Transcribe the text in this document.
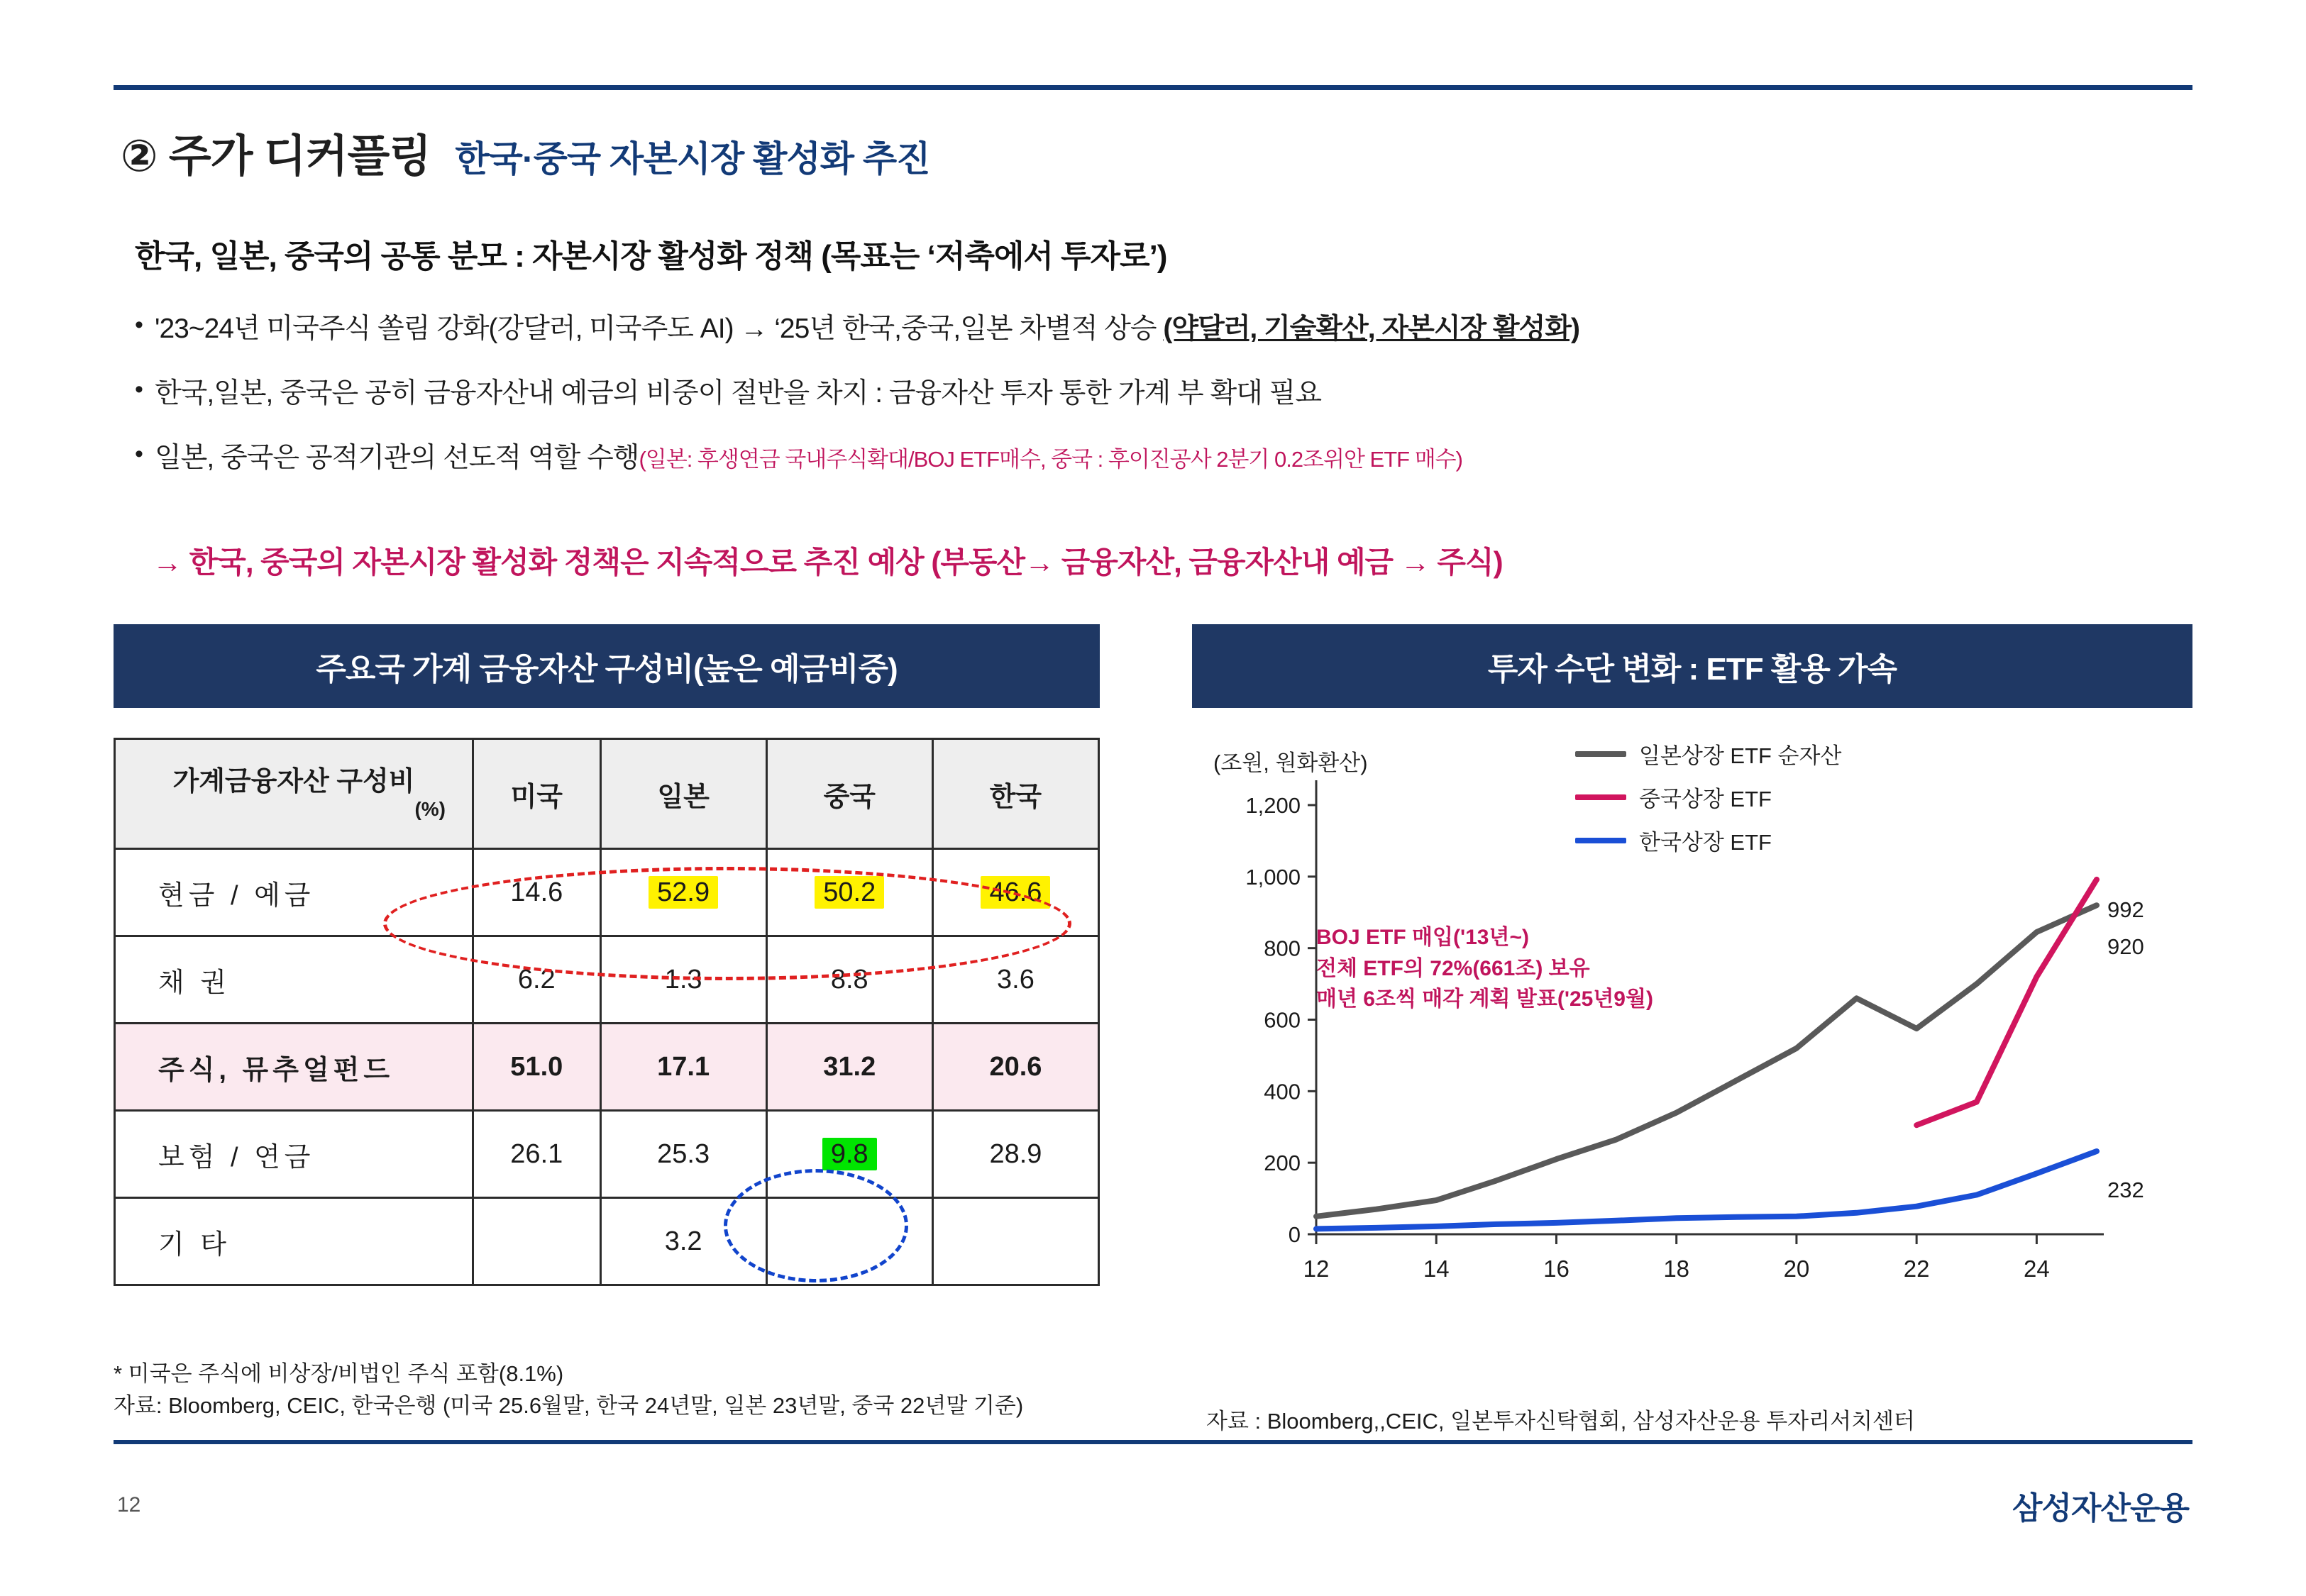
② 주가 디커플링 한국·중국 자본시장 활성화 추진
한국, 일본, 중국의 공통 분모 : 자본시장 활성화 정책 (목표는 ‘저축에서 투자로’)
• '23~24년 미국주식 쏠림 강화(강달러, 미국주도 AI) → ‘25년 한국,중국,일본 차별적 상승 (약달러, 기술확산, 자본시장 활성화)
• 한국,일본, 중국은 공히 금융자산내 예금의 비중이 절반을 차지 : 금융자산 투자 통한 가계 부 확대 필요
• 일본, 중국은 공적기관의 선도적 역할 수행(일본: 후생연금 국내주식확대/BOJ ETF매수, 중국 : 후이진공사 2분기 0.2조위안 ETF 매수)
→ 한국, 중국의 자본시장 활성화 정책은 지속적으로 추진 예상 (부동산→ 금융자산, 금융자산내 예금 → 주식)
주요국 가계 금융자산 구성비(높은 예금비중)
가계금융자산 구성비
(%)	미국	일본	중국	한국
현금 / 예금	14.6	52.9	50.2	46.6
채 권	6.2	1.3	8.8	3.6
주식, 뮤추얼펀드	51.0	17.1	31.2	20.6
보험 / 연금	26.1	25.3	9.8	28.9
기 타		3.2		
* 미국은 주식에 비상장/비법인 주식 포함(8.1%)
자료: Bloomberg, CEIC, 한국은행 (미국 25.6월말, 한국 24년말, 일본 23년말, 중국 22년말 기준)
투자 수단 변화 : ETF 활용 가속
(조원, 원화환산)	일본상장 ETF 순자산
중국상장 ETF
한국상장 ETF
BOJ ETF 매입('13년~)
전체 ETF의 72%(661조) 보유
매년 6조씩 매각 계획 발표('25년9월)
0
200
400
600
800
1,000
1,200
12	14	16	18	20	22	24
992
920
232
자료 : Bloomberg,,CEIC, 일본투자신탁협회, 삼성자산운용 투자리서치센터
12	삼성자산운용
